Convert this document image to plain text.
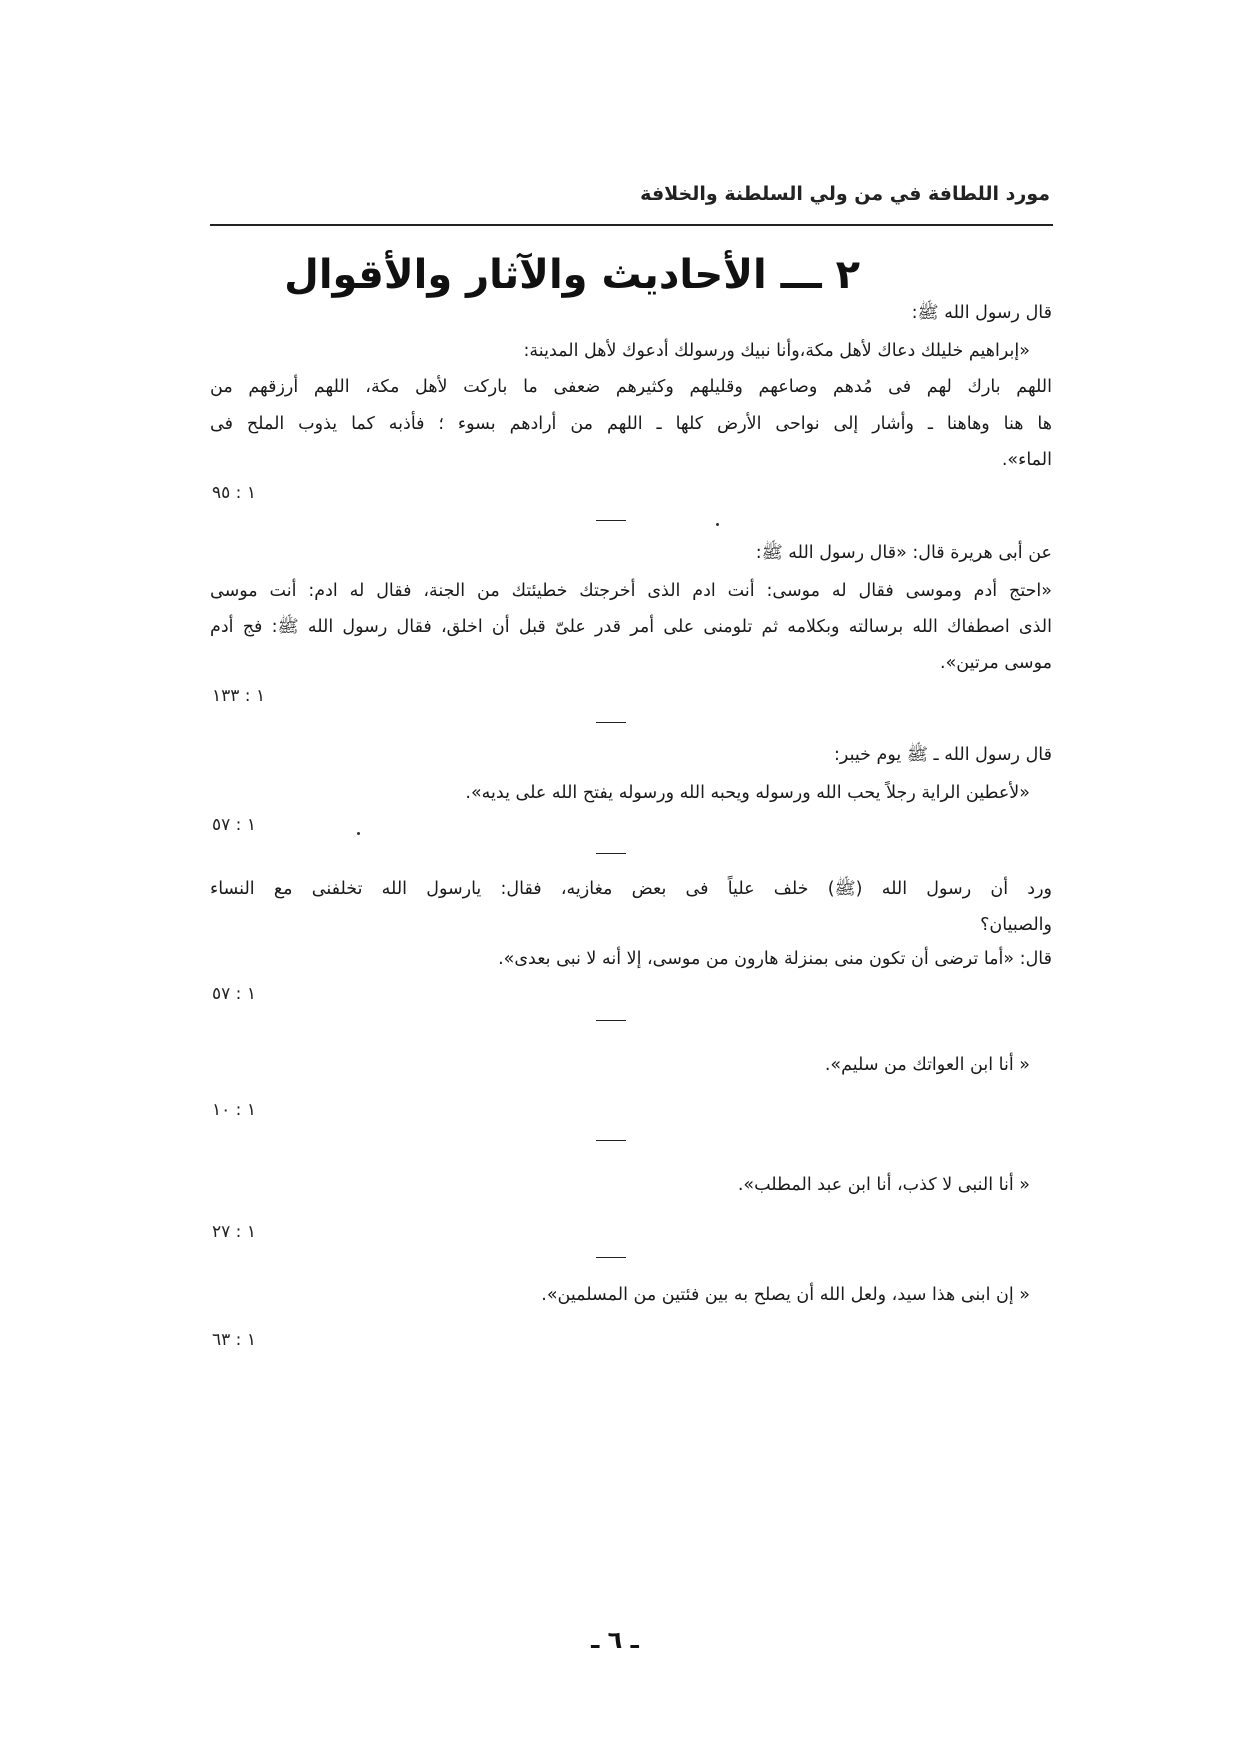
مورد اللطافة في من ولي السلطنة والخلافة
٢ ـــ الأحاديث والآثار والأقوال
قال رسول الله ﷺ:
«إبراهيم خليلك دعاك لأهل مكة،وأنا نبيك ورسولك أدعوك لأهل المدينة:
اللهم بارك لهم فى مُدهم وصاعهم وقليلهم وكثيرهم ضعفى ما باركت لأهل مكة، اللهم أرزقهم من
ها هنا وهاهنا ـ وأشار إلى نواحى الأرض كلها ـ اللهم من أرادهم بسوء ؛ فأذبه كما يذوب الملح فى
الماء».
١ : ٩٥
عن أبى هريرة قال: «قال رسول الله ﷺ:
«احتج أدم وموسى فقال له موسى: أنت ادم الذى أخرجتك خطيئتك من الجنة، فقال له ادم: أنت موسى
الذى اصطفاك الله برسالته وبكلامه ثم تلومنى على أمر قدر علىّ قبل أن اخلق، فقال رسول الله ﷺ: فج أدم
موسى مرتين».
١ : ١٣٣
قال رسول الله ـ ﷺ يوم خيبر:
«لأعطين الراية رجلاً يحب الله ورسوله ويحبه الله ورسوله يفتح الله على يديه».
١ : ٥٧
ورد أن رسول الله (ﷺ) خلف علياً فى بعض مغازيه، فقال: يارسول الله تخلفنى مع النساء
والصبيان؟
قال: «أما ترضى أن تكون منى بمنزلة هارون من موسى، إلا أنه لا نبى بعدى».
١ : ٥٧
« أنا ابن العواتك من سليم».
١ : ١٠
« أنا النبى لا كذب، أنا ابن عبد المطلب».
١ : ٢٧
« إن ابنى هذا سيد، ولعل الله أن يصلح به بين فئتين من المسلمين».
١ : ٦٣
ـ ٦ ـ
